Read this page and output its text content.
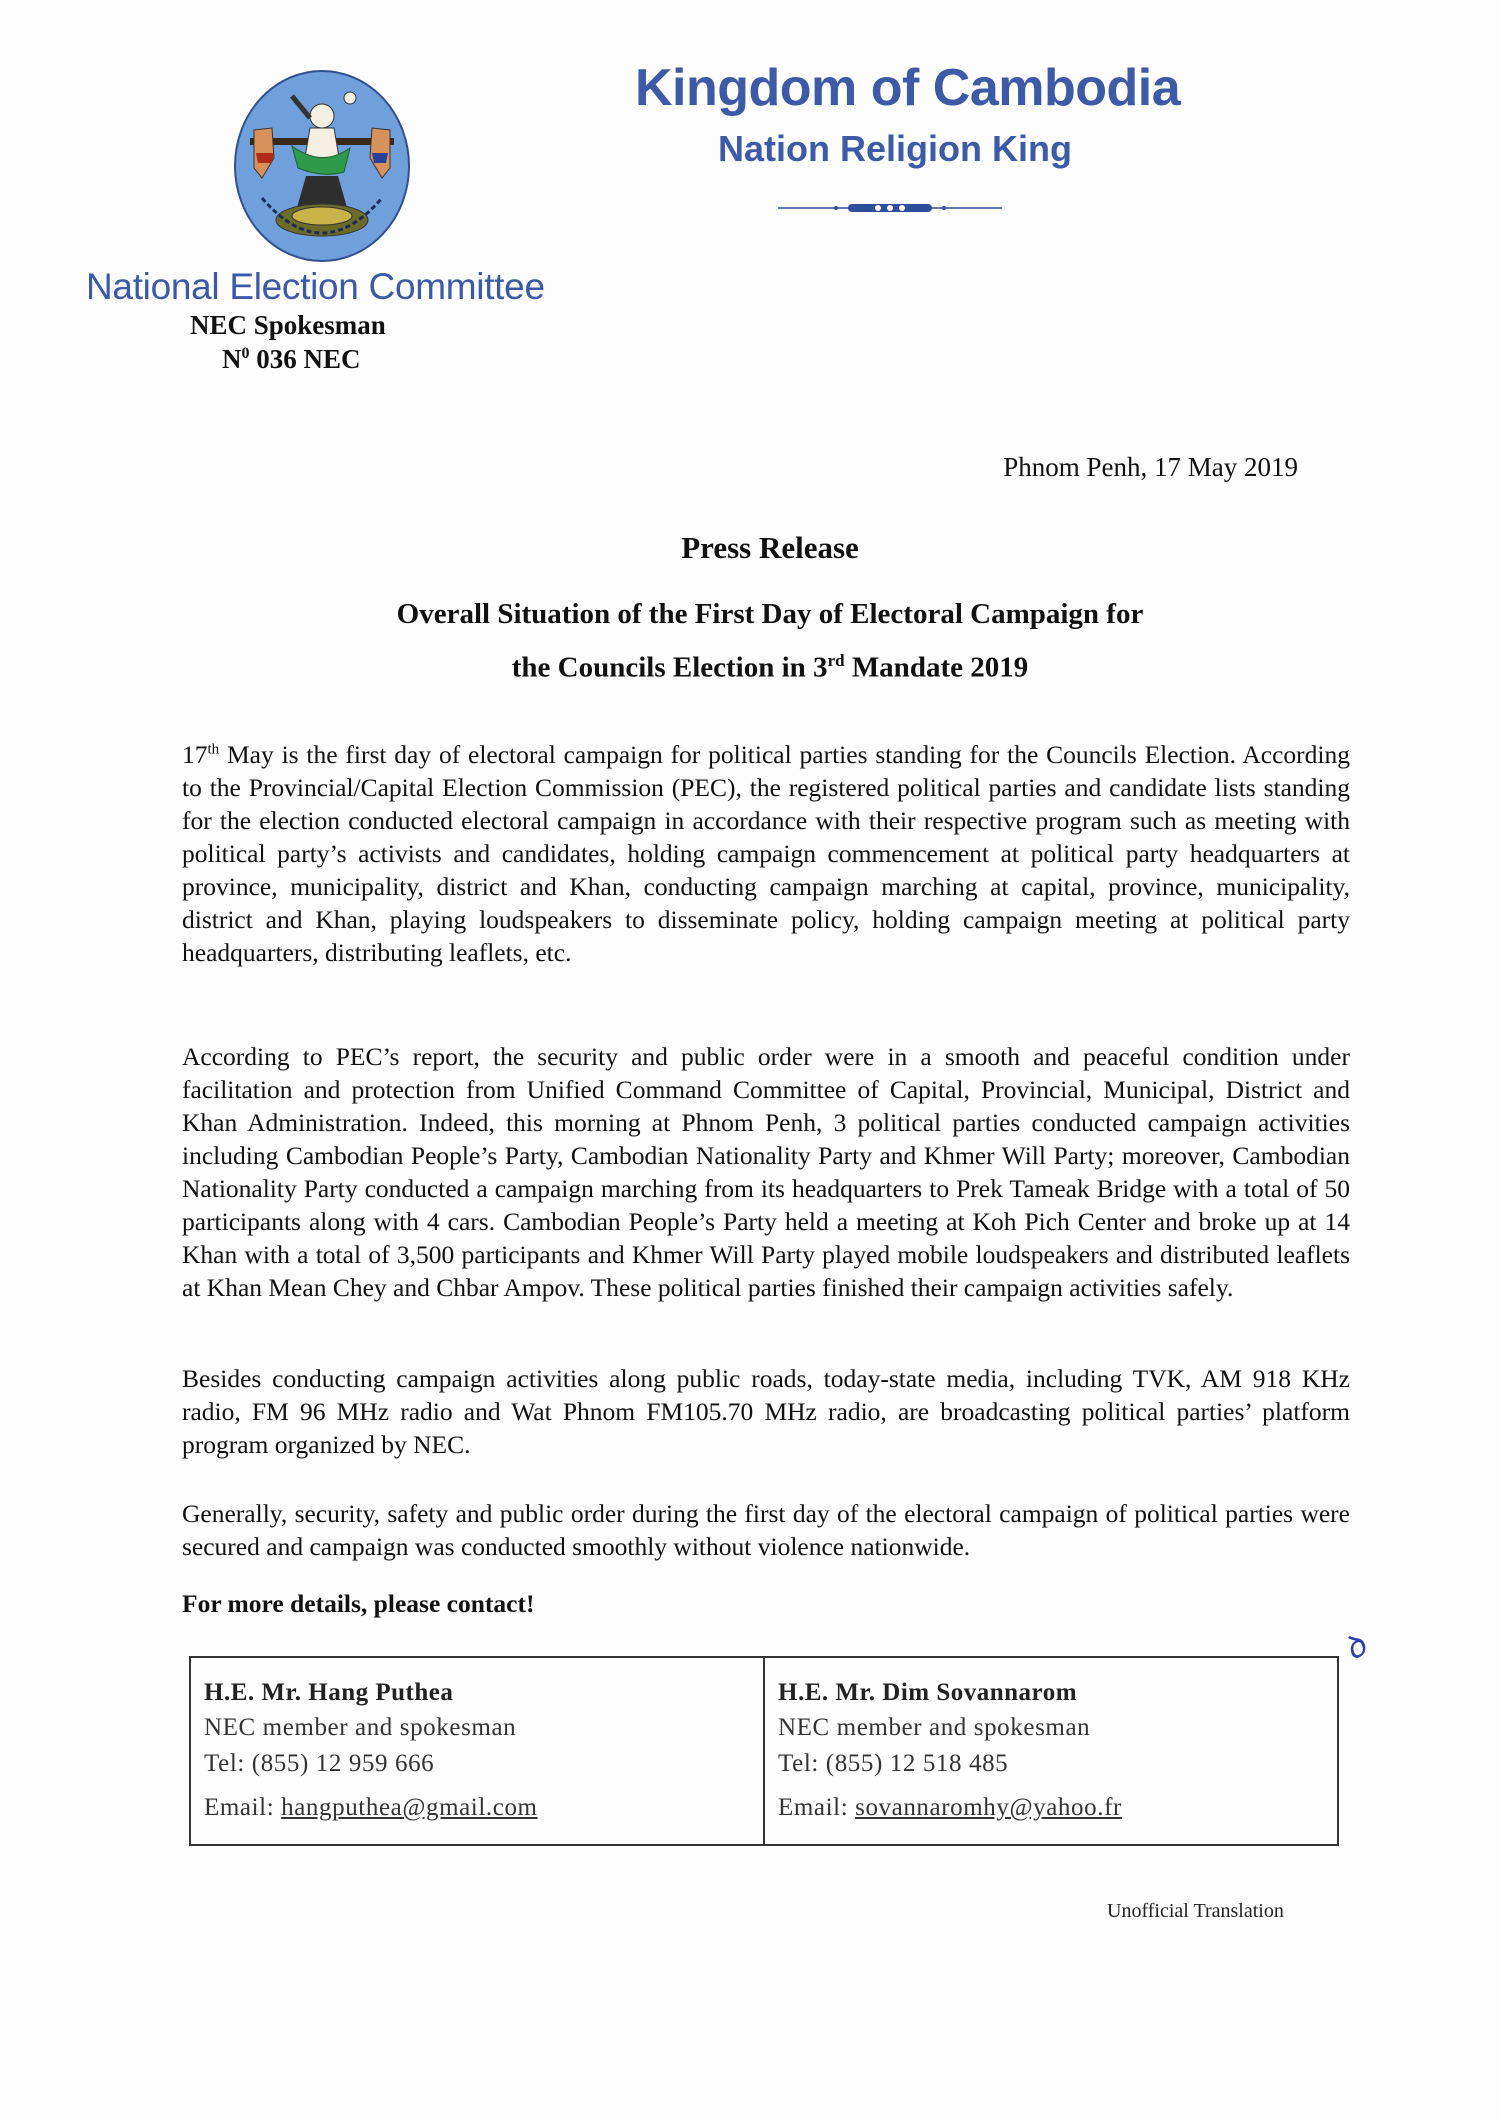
National Election Committee
NEC Spokesman
$N^0$ 036 NEC
Kingdom of Cambodia
Nation Religion King
Phnom Penh, 17 May 2019
Press Release
Overall Situation of the First Day of Electoral Campaign for
the Councils Election in 3rd Mandate 2019
17th May is the first day of electoral campaign for political parties standing for the Councils Election. According to the Provincial/Capital Election Commission (PEC), the registered political parties and candidate lists standing for the election conducted electoral campaign in accordance with their respective program such as meeting with political party’s activists and candidates, holding campaign commencement at political party headquarters at province, municipality, district and Khan, conducting campaign marching at capital, province, municipality, district and Khan, playing loudspeakers to disseminate policy, holding campaign meeting at political party headquarters, distributing leaflets, etc.
According to PEC’s report, the security and public order were in a smooth and peaceful condition under facilitation and protection from Unified Command Committee of Capital, Provincial, Municipal, District and Khan Administration. Indeed, this morning at Phnom Penh, 3 political parties conducted campaign activities including Cambodian People’s Party, Cambodian Nationality Party and Khmer Will Party; moreover, Cambodian Nationality Party conducted a campaign marching from its headquarters to Prek Tameak Bridge with a total of 50 participants along with 4 cars. Cambodian People’s Party held a meeting at Koh Pich Center and broke up at 14 Khan with a total of 3,500 participants and Khmer Will Party played mobile loudspeakers and distributed leaflets at Khan Mean Chey and Chbar Ampov. These political parties finished their campaign activities safely.
Besides conducting campaign activities along public roads, today-state media, including TVK, AM 918 KHz radio, FM 96 MHz radio and Wat Phnom FM105.70 MHz radio, are broadcasting political parties’ platform program organized by NEC.
Generally, security, safety and public order during the first day of the electoral campaign of political parties were secured and campaign was conducted smoothly without violence nationwide.
For more details, please contact!
H.E. Mr. Hang Puthea
NEC member and spokesman
Tel: (855) 12 959 666
Email: hangputhea@gmail.com
H.E. Mr. Dim Sovannarom
NEC member and spokesman
Tel: (855) 12 518 485
Email: sovannaromhy@yahoo.fr
ꝺ
Unofficial Translation
